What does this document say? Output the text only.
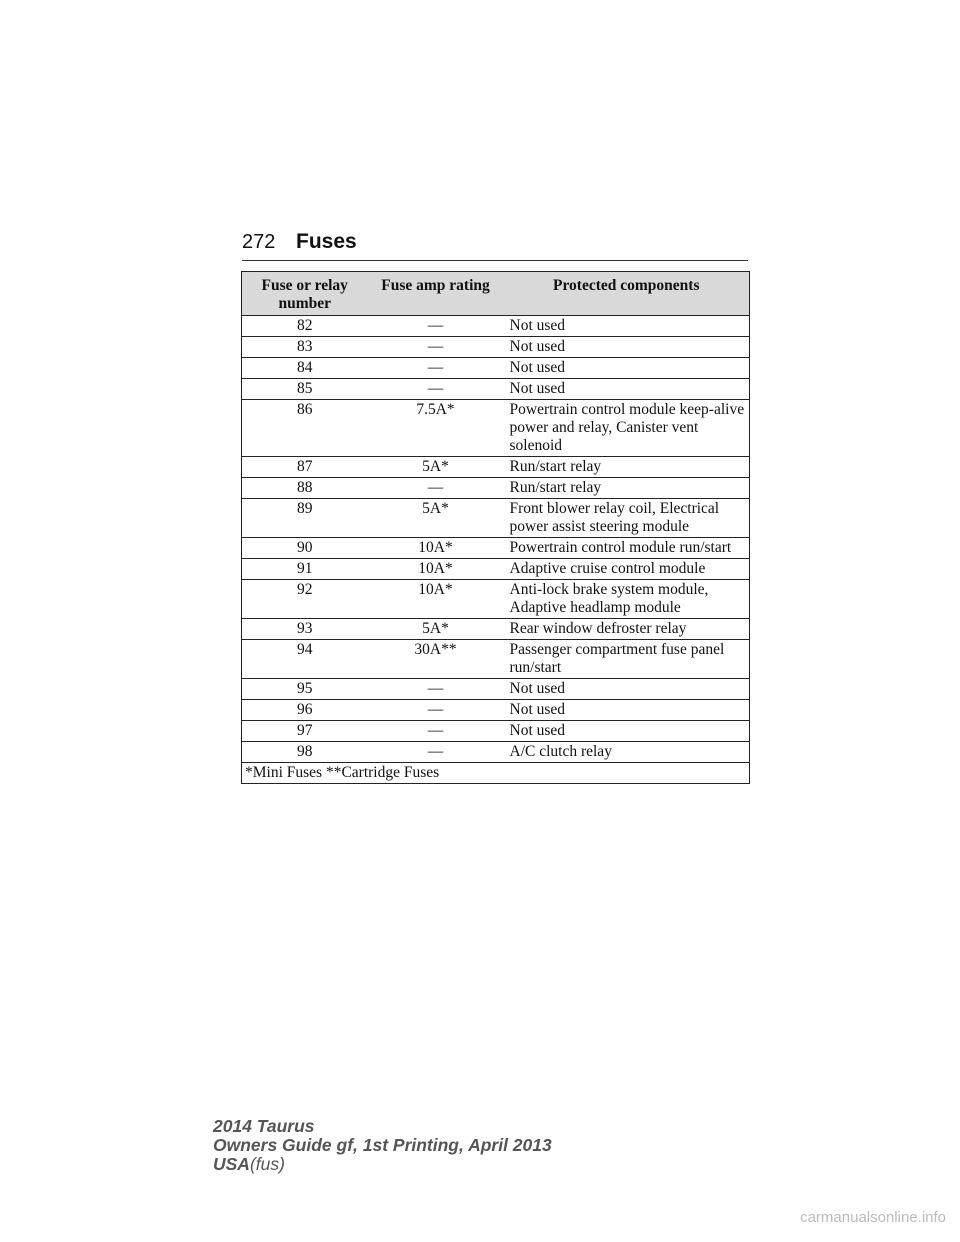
272 Fuses
Fuse or relay number	Fuse amp rating	Protected components
82	—	Not used
83	—	Not used
84	—	Not used
85	—	Not used
86	7.5A*	Powertrain control module keep-alive power and relay, Canister vent solenoid
87	5A*	Run/start relay
88	—	Run/start relay
89	5A*	Front blower relay coil, Electrical power assist steering module
90	10A*	Powertrain control module run/start
91	10A*	Adaptive cruise control module
92	10A*	Anti-lock brake system module, Adaptive headlamp module
93	5A*	Rear window defroster relay
94	30A**	Passenger compartment fuse panel run/start
95	—	Not used
96	—	Not used
97	—	Not used
98	—	A/C clutch relay
*Mini Fuses **Cartridge Fuses		
2014 Taurus
Owners Guide gf, 1st Printing, April 2013
USA(fus)
carmanualsonline.info
